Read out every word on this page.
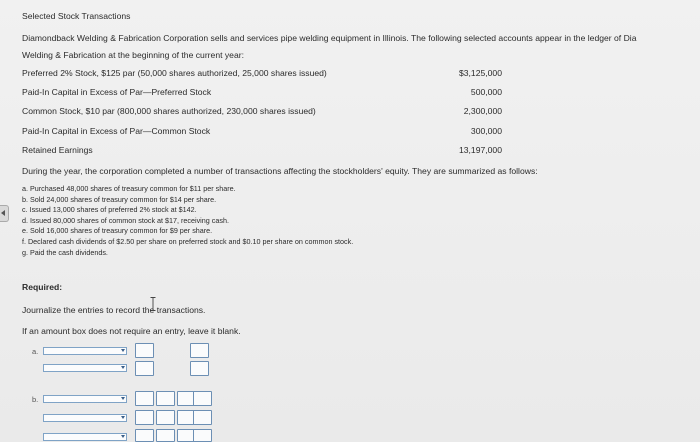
Selected Stock Transactions
Diamondback Welding & Fabrication Corporation sells and services pipe welding equipment in Illinois. The following selected accounts appear in the ledger of Dia
Welding & Fabrication at the beginning of the current year:
Preferred 2% Stock, $125 par (50,000 shares authorized, 25,000 shares issued)	$3,125,000
Paid-In Capital in Excess of Par—Preferred Stock	500,000
Common Stock, $10 par (800,000 shares authorized, 230,000 shares issued)	2,300,000
Paid-In Capital in Excess of Par—Common Stock	300,000
Retained Earnings	13,197,000
During the year, the corporation completed a number of transactions affecting the stockholders' equity. They are summarized as follows:
a. Purchased 48,000 shares of treasury common for $11 per share.
b. Sold 24,000 shares of treasury common for $14 per share.
c. Issued 13,000 shares of preferred 2% stock at $142.
d. Issued 80,000 shares of common stock at $17, receiving cash.
e. Sold 16,000 shares of treasury common for $9 per share.
f. Declared cash dividends of $2.50 per share on preferred stock and $0.10 per share on common stock.
g. Paid the cash dividends.
Required:
Journalize the entries to record the transactions.
If an amount box does not require an entry, leave it blank.
a.
b.
